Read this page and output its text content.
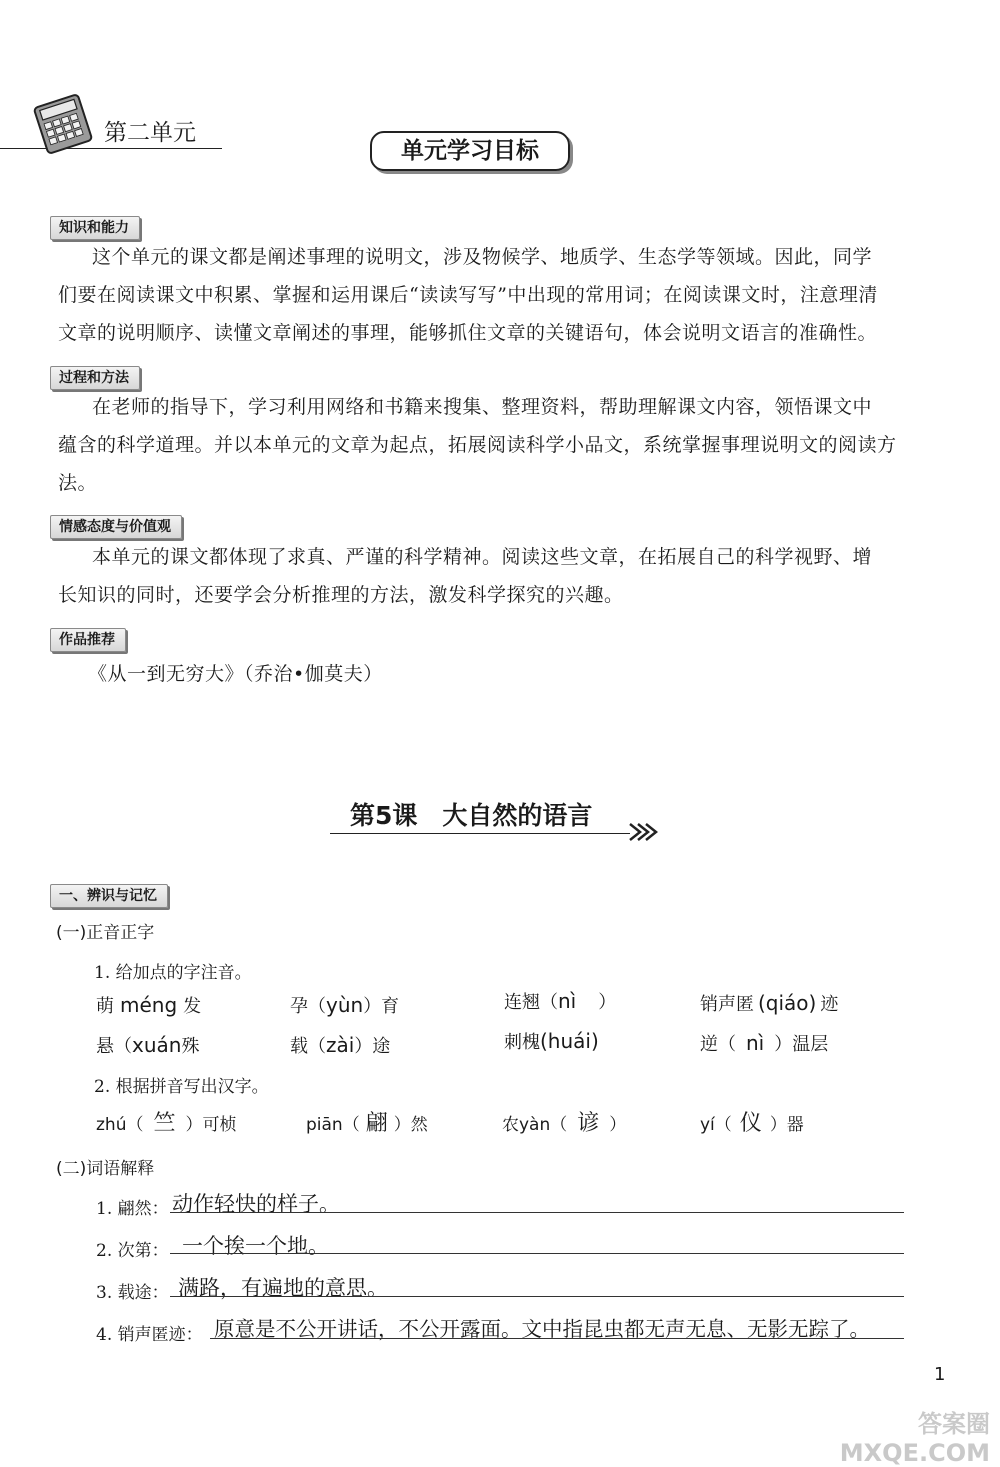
第二单元
单元学习目标
知识和能力
这个单元的课文都是阐述事理的说明文，涉及物候学、地质学、生态学等领域。因此，同学
们要在阅读课文中积累、掌握和运用课后“读读写写”中出现的常用词；在阅读课文时，注意理清
文章的说明顺序、读懂文章阐述的事理，能够抓住文章的关键语句，体会说明文语言的准确性。
过程和方法
在老师的指导下，学习利用网络和书籍来搜集、整理资料，帮助理解课文内容，领悟课文中
蕴含的科学道理。并以本单元的文章为起点，拓展阅读科学小品文，系统掌握事理说明文的阅读方
法。
情感态度与价值观
本单元的课文都体现了求真、严谨的科学精神。阅读这些文章，在拓展自己的科学视野、增
长知识的同时，还要学会分析推理的方法，激发科学探究的兴趣。
作品推荐
《从一到无穷大》（乔治•伽莫夫）
第5课　大自然的语言
一、辨识与记忆
(一)正音正字
1. 给加点的字注音。
萌 méng 发	孕（yùn）育	连翘（nì ）	销声匿 (qiáo) 迹
悬（xuán殊	载（zài）途	刺槐(huái)	逆（ nì ）温层
2. 根据拼音写出汉字。
zhú（ 竺 ）可桢	piān（ 翩 ）然	农yàn（ 谚 ）	yí（ 仪 ）器
(二)词语解释
1. 翩然： 动作轻快的样子。
2. 次第： 一个挨一个地。
3. 载途： 满路，有遍地的意思。
4. 销声匿迹： 原意是不公开讲话，不公开露面。文中指昆虫都无声无息、无影无踪了。
1
答案圈 MXQE.COM
